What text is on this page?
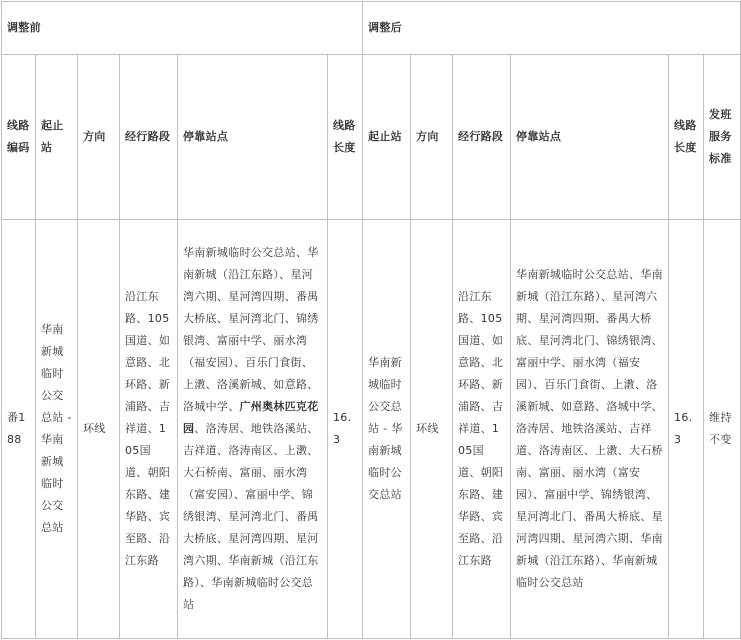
调整前						调整后					
线路编码	起止站	方向	经行路段	停靠站点	线路长度	起止站	方向	经行路段	停靠站点	线路长度	发班服务标准
番188	华南新城临时公交总站 - 华南新城临时公交总站	环线	沿江东路、105国道、如意路、北环路、新浦路、吉祥道、105国道、朝阳东路、建华路、宾至路、沿江东路	华南新城临时公交总站、华南新城（沿江东路）、星河湾六期、星河湾四期、番禺大桥底、星河湾北门、锦绣银湾、富丽中学、丽水湾（福安园）、百乐门食街、上漖、洛溪新城、如意路、洛城中学、广州奥林匹克花园、洛涛居、地铁洛溪站、吉祥道、洛涛南区、上漖、大石桥南、富丽、丽水湾（富安园）、富丽中学、锦绣银湾、星河湾北门、番禺大桥底、星河湾四期、星河湾六期、华南新城（沿江东路）、华南新城临时公交总站	16.3	华南新城临时公交总站 - 华南新城临时公交总站	环线	沿江东路、105国道、如意路、北环路、新浦路、吉祥道、105国道、朝阳东路、建华路、宾至路、沿江东路	华南新城临时公交总站、华南新城（沿江东路）、星河湾六期、星河湾四期、番禺大桥底、星河湾北门、锦绣银湾、富丽中学、丽水湾（福安园）、百乐门食街、上漖、洛溪新城、如意路、洛城中学、洛涛居、地铁洛溪站、吉祥道、洛涛南区、上漖、大石桥南、富丽、丽水湾（富安园）、富丽中学、锦绣银湾、星河湾北门、番禺大桥底、星河湾四期、星河湾六期、华南新城（沿江东路）、华南新城临时公交总站	16.3	维持不变
